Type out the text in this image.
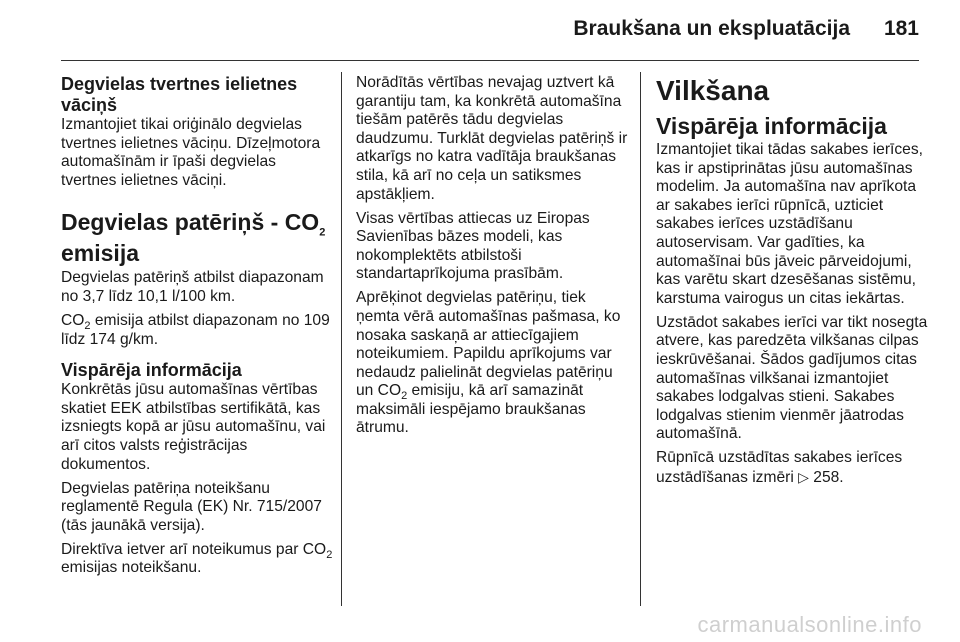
Braukšana un ekspluatācija 181
Degvielas tvertnes ielietnes vāciņš

Izmantojiet tikai oriģinālo degvielas tvertnes ielietnes vāciņu. Dīzeļmotora automašīnām ir īpaši degvielas tvertnes ielietnes vāciņi.

Degvielas patēriņš - $CO_2$
emisija

Degvielas patēriņš atbilst diapazonam no 3,7 līdz 10,1 l/100 km.

$CO_2$ emisija atbilst diapazonam no 109 līdz 174 g/km.

Vispārēja informācija

Konkrētās jūsu automašīnas vērtības skatiet EEK atbilstības sertifikātā, kas izsniegts kopā ar jūsu automašīnu, vai arī citos valsts reģistrācijas dokumentos.

Degvielas patēriņa noteikšanu reglamentē Regula (EK) Nr. 715/2007 (tās jaunākā versija).

Direktīva ietver arī noteikumus par $CO_2$ emisijas noteikšanu.

Norādītās vērtības nevajag uztvert kā garantiju tam, ka konkrētā automašīna tiešām patērēs tādu degvielas daudzumu. Turklāt degvielas patēriņš ir atkarīgs no katra vadītāja braukšanas stila, kā arī no ceļa un satiksmes apstākļiem.

Visas vērtības attiecas uz Eiropas Savienības bāzes modeli, kas nokomplektēts atbilstoši standartaprīkojuma prasībām.

Aprēķinot degvielas patēriņu, tiek ņemta vērā automašīnas pašmasa, ko nosaka saskaņā ar attiecīgajiem noteikumiem. Papildu aprīkojums var nedaudz palielināt degvielas patēriņu un $CO_2$ emisiju, kā arī samazināt maksimāli iespējamo braukšanas ātrumu.

Vilkšana
Vispārēja informācija

Izmantojiet tikai tādas sakabes ierīces, kas ir apstiprinātas jūsu automašīnas modelim. Ja automašīna nav aprīkota ar sakabes ierīci rūpnīcā, uzticiet sakabes ierīces uzstādīšanu autoservisam. Var gadīties, ka automašīnai būs jāveic pārveidojumi, kas varētu skart dzesēšanas sistēmu, karstuma vairogus un citas iekārtas.

Uzstādot sakabes ierīci var tikt nosegta atvere, kas paredzēta vilkšanas cilpas ieskrūvēšanai. Šādos gadījumos citas automašīnas vilkšanai izmantojiet sakabes lodgalvas stieni. Sakabes lodgalvas stienim vienmēr jāatrodas automašīnā.

Rūpnīcā uzstādītas sakabes ierīces uzstādīšanas izmēri ▷ 258.

carmanualsonline.info
